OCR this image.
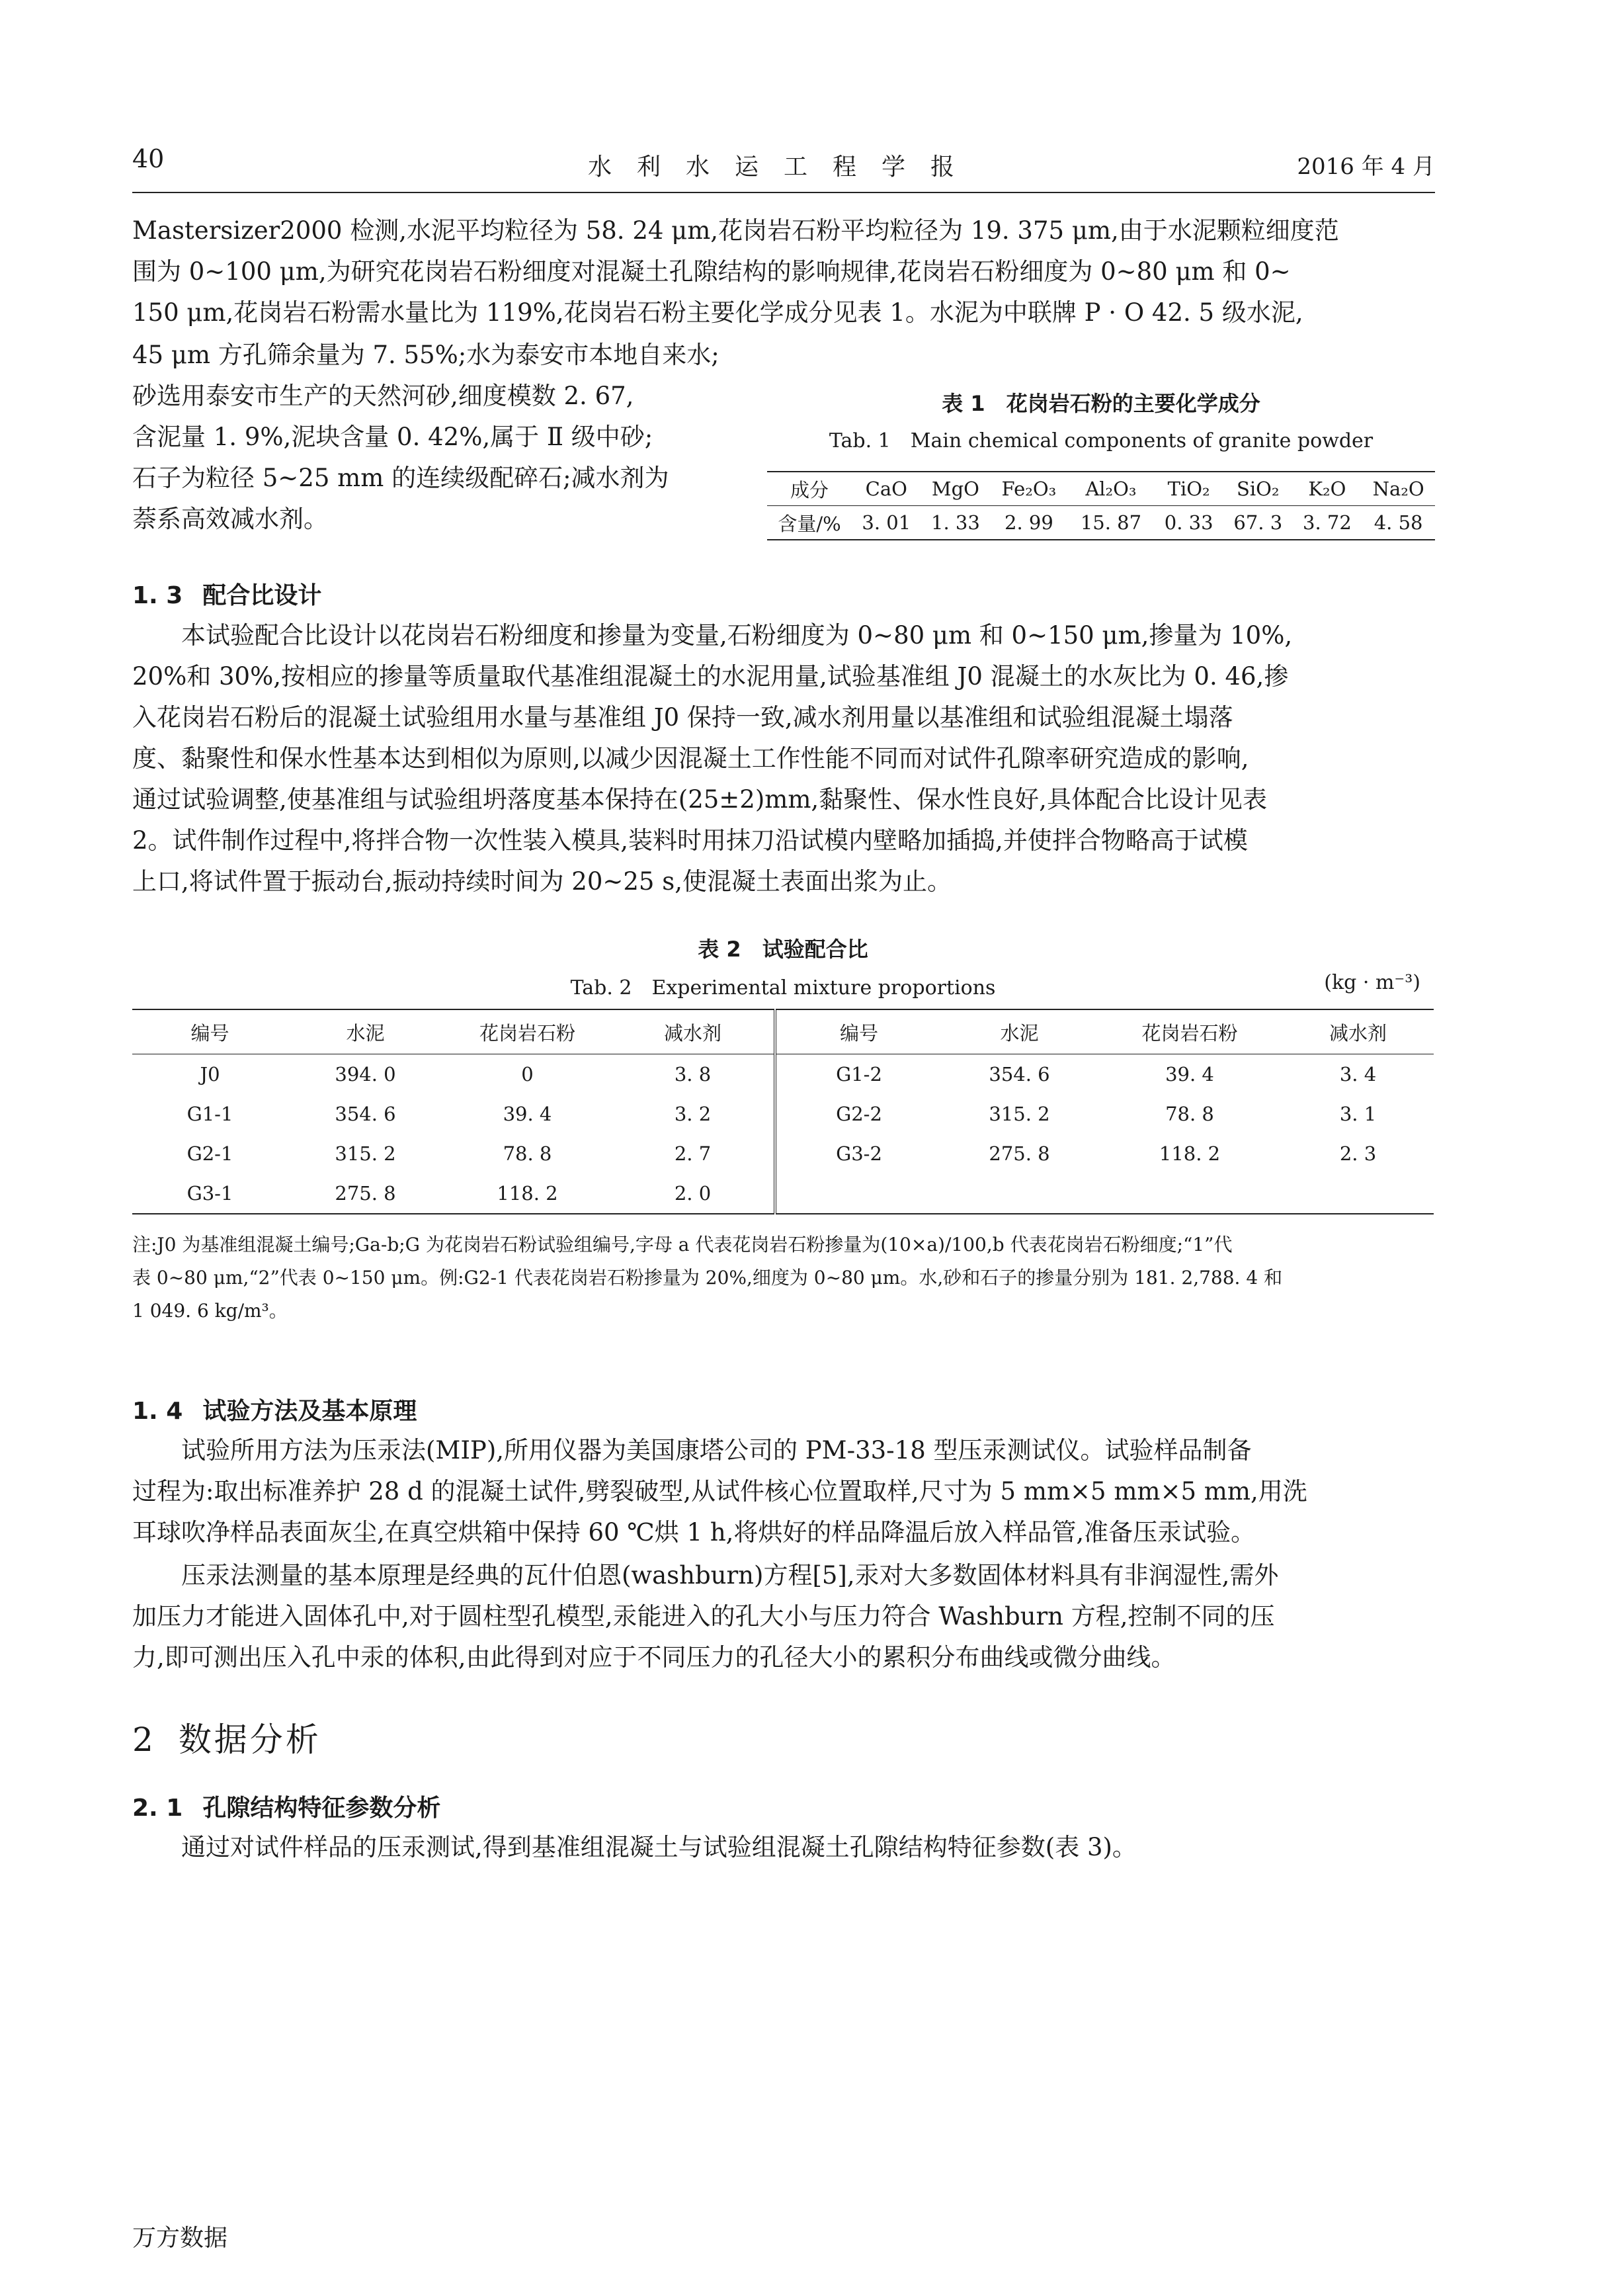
40	水利水运工程学报	2016 年 4 月
Mastersizer2000 检测,水泥平均粒径为 58. 24 μm,花岗岩石粉平均粒径为 19. 375 μm,由于水泥颗粒细度范
围为 0~100 μm,为研究花岗岩石粉细度对混凝土孔隙结构的影响规律,花岗岩石粉细度为 0~80 μm 和 0~
150 μm,花岗岩石粉需水量比为 119%,花岗岩石粉主要化学成分见表 1。水泥为中联牌 P · O 42. 5 级水泥,
45 μm 方孔筛余量为 7. 55%;水为泰安市本地自来水;
砂选用泰安市生产的天然河砂,细度模数 2. 67,
含泥量 1. 9%,泥块含量 0. 42%,属于 Ⅱ 级中砂;
石子为粒径 5~25 mm 的连续级配碎石;减水剂为
萘系高效减水剂。
表 1　花岗岩石粉的主要化学成分
Tab. 1　Main chemical components of granite powder
成分	CaO	MgO	Fe₂O₃	Al₂O₃	TiO₂	SiO₂	K₂O	Na₂O
含量/%	3. 01	1. 33	2. 99	15. 87	0. 33	67. 3	3. 72	4. 58
1. 3 配合比设计
本试验配合比设计以花岗岩石粉细度和掺量为变量,石粉细度为 0~80 μm 和 0~150 μm,掺量为 10%,
20%和 30%,按相应的掺量等质量取代基准组混凝土的水泥用量,试验基准组 J0 混凝土的水灰比为 0. 46,掺
入花岗岩石粉后的混凝土试验组用水量与基准组 J0 保持一致,减水剂用量以基准组和试验组混凝土塌落
度、黏聚性和保水性基本达到相似为原则,以减少因混凝土工作性能不同而对试件孔隙率研究造成的影响,
通过试验调整,使基准组与试验组坍落度基本保持在(25±2)mm,黏聚性、保水性良好,具体配合比设计见表
2。试件制作过程中,将拌合物一次性装入模具,装料时用抹刀沿试模内壁略加插捣,并使拌合物略高于试模
上口,将试件置于振动台,振动持续时间为 20~25 s,使混凝土表面出浆为止。
表 2　试验配合比
Tab. 2　Experimental mixture proportions	(kg · m⁻³)
编号	水泥	花岗岩石粉	减水剂	编号	水泥	花岗岩石粉	减水剂
J0	394. 0	0	3. 8	G1-2	354. 6	39. 4	3. 4
G1-1	354. 6	39. 4	3. 2	G2-2	315. 2	78. 8	3. 1
G2-1	315. 2	78. 8	2. 7	G3-2	275. 8	118. 2	2. 3
G3-1	275. 8	118. 2	2. 0				
注:J0 为基准组混凝土编号;Ga-b;G 为花岗岩石粉试验组编号,字母 a 代表花岗岩石粉掺量为(10×a)/100,b 代表花岗岩石粉细度;“1”代
表 0~80 μm,“2”代表 0~150 μm。例:G2-1 代表花岗岩石粉掺量为 20%,细度为 0~80 μm。水,砂和石子的掺量分别为 181. 2,788. 4 和
1 049. 6 kg/m³。
1. 4 试验方法及基本原理
试验所用方法为压汞法(MIP),所用仪器为美国康塔公司的 PM-33-18 型压汞测试仪。试验样品制备
过程为:取出标准养护 28 d 的混凝土试件,劈裂破型,从试件核心位置取样,尺寸为 5 mm×5 mm×5 mm,用洗
耳球吹净样品表面灰尘,在真空烘箱中保持 60 ℃烘 1 h,将烘好的样品降温后放入样品管,准备压汞试验。
压汞法测量的基本原理是经典的瓦什伯恩(washburn)方程[5],汞对大多数固体材料具有非润湿性,需外
加压力才能进入固体孔中,对于圆柱型孔模型,汞能进入的孔大小与压力符合 Washburn 方程,控制不同的压
力,即可测出压入孔中汞的体积,由此得到对应于不同压力的孔径大小的累积分布曲线或微分曲线。
2 数据分析
2. 1 孔隙结构特征参数分析
通过对试件样品的压汞测试,得到基准组混凝土与试验组混凝土孔隙结构特征参数(表 3)。
万方数据
